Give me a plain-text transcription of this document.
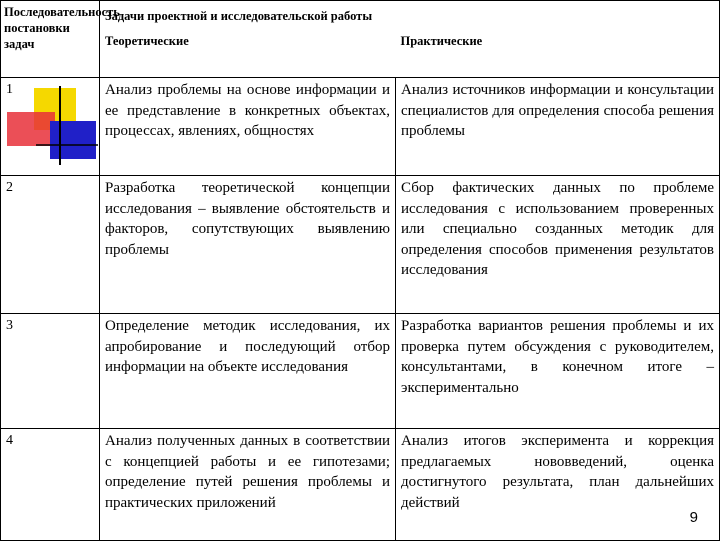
Последовательность постановки задач	Задачи проектной и исследовательской работы	
	Теоретические	Практические
1	Анализ проблемы на основе информации и ее представление в конкретных объектах, процессах, явлениях, общностях	Анализ источников информации и консультации специалистов для определения способа решения проблемы
2	Разработка теоретической концепции исследования – выявление обстоятельств и факторов, сопутствующих выявлению проблемы	Сбор фактических данных по проблеме исследования с использованием проверенных или специально созданных методик для определения способов применения результатов исследования
3	Определение методик исследования, их апробирование и последующий отбор информации на объекте исследования	Разработка вариантов решения проблемы и их проверка путем обсуждения с руководителем, консультантами, в конечном итоге – экспериментально
4	Анализ полученных данных в соответствии с концепцией работы и ее гипотезами; определение путей решения проблемы и практических приложений	Анализ итогов эксперимента и коррекция предлагаемых нововведений, оценка достигнутого результата, план дальнейших действий
9
